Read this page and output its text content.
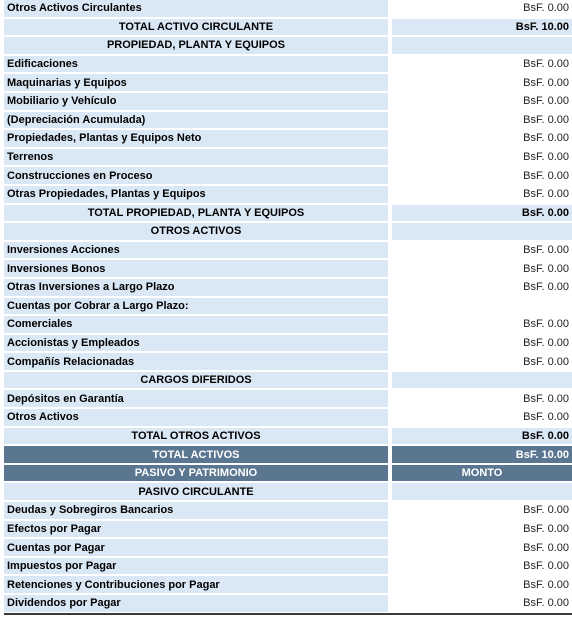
Otros Activos Circulantes		BsF. 0.00
TOTAL ACTIVO CIRCULANTE		BsF. 10.00
PROPIEDAD, PLANTA Y EQUIPOS		
Edificaciones		BsF. 0.00
Maquinarias y Equipos		BsF. 0.00
Mobiliario y Vehículo		BsF. 0.00
(Depreciación Acumulada)		BsF. 0.00
Propiedades, Plantas y Equipos Neto		BsF. 0.00
Terrenos		BsF. 0.00
Construcciones en Proceso		BsF. 0.00
Otras Propiedades, Plantas y Equipos		BsF. 0.00
TOTAL PROPIEDAD, PLANTA Y EQUIPOS		BsF. 0.00
OTROS ACTIVOS		
Inversiones Acciones		BsF. 0.00
Inversiones Bonos		BsF. 0.00
Otras Inversiones a Largo Plazo		BsF. 0.00
Cuentas por Cobrar a Largo Plazo:		
Comerciales		BsF. 0.00
Accionistas y Empleados		BsF. 0.00
Compañís Relacionadas		BsF. 0.00
CARGOS DIFERIDOS		
Depósitos en Garantía		BsF. 0.00
Otros Activos		BsF. 0.00
TOTAL OTROS ACTIVOS		BsF. 0.00
TOTAL ACTIVOS		BsF. 10.00
PASIVO Y PATRIMONIO		MONTO
PASIVO CIRCULANTE		
Deudas y Sobregiros Bancarios		BsF. 0.00
Efectos por Pagar		BsF. 0.00
Cuentas por Pagar		BsF. 0.00
Impuestos por Pagar		BsF. 0.00
Retenciones y Contribuciones por Pagar		BsF. 0.00
Dividendos por Pagar		BsF. 0.00
